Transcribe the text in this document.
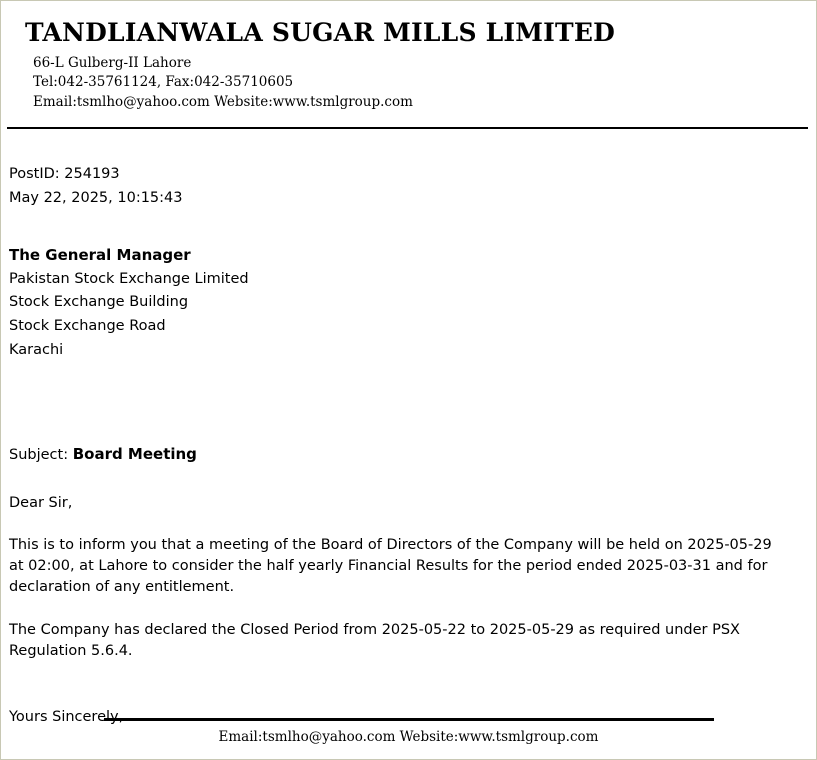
TANDLIANWALA SUGAR MILLS LIMITED
66-L Gulberg-II Lahore
Tel:042-35761124, Fax:042-35710605
Email:tsmlho@yahoo.com Website:www.tsmlgroup.com
PostID: 254193
May 22, 2025, 10:15:43
The General Manager
Pakistan Stock Exchange Limited
Stock Exchange Building
Stock Exchange Road
Karachi
Subject: Board Meeting
Dear Sir,
This is to inform you that a meeting of the Board of Directors of the Company will be held on 2025-05-29 at 02:00, at Lahore to consider the half yearly Financial Results for the period ended 2025-03-31 and for declaration of any entitlement.
The Company has declared the Closed Period from 2025-05-22 to 2025-05-29 as required under PSX Regulation 5.6.4.
Yours Sincerely,
Email:tsmlho@yahoo.com Website:www.tsmlgroup.com
